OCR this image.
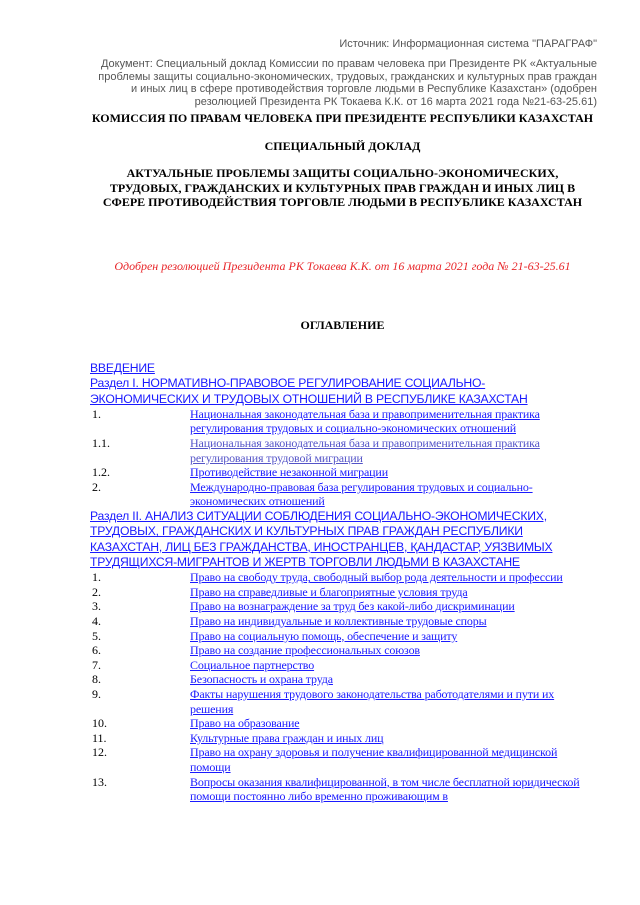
Источник: Информационная система "ПАРАГРАФ"
Документ: Специальный доклад Комиссии по правам человека при Президенте РК «Актуальные проблемы защиты социально-экономических, трудовых, гражданских и культурных прав граждан и иных лиц в сфере противодействия торговле людьми в Республике Казахстан» (одобрен резолюцией Президента РК Токаева К.К. от 16 марта 2021 года №21-63-25.61)

КОМИССИЯ ПО ПРАВАМ ЧЕЛОВЕКА ПРИ ПРЕЗИДЕНТЕ РЕСПУБЛИКИ КАЗАХСТАН

СПЕЦИАЛЬНЫЙ ДОКЛАД

АКТУАЛЬНЫЕ ПРОБЛЕМЫ ЗАЩИТЫ СОЦИАЛЬНО-ЭКОНОМИЧЕСКИХ, ТРУДОВЫХ, ГРАЖДАНСКИХ И КУЛЬТУРНЫХ ПРАВ ГРАЖДАН И ИНЫХ ЛИЦ В СФЕРЕ ПРОТИВОДЕЙСТВИЯ ТОРГОВЛЕ ЛЮДЬМИ В РЕСПУБЛИКЕ КАЗАХСТАН

Одобрен резолюцией Президента РК Токаева К.К. от 16 марта 2021 года № 21-63-25.61
ОГЛАВЛЕНИЕ
ВВЕДЕНИЕ
Раздел I. НОРМАТИВНО-ПРАВОВОЕ РЕГУЛИРОВАНИЕ СОЦИАЛЬНО-ЭКОНОМИЧЕСКИХ И ТРУДОВЫХ ОТНОШЕНИЙ В РЕСПУБЛИКЕ КАЗАХСТАН
1.	Национальная законодательная база и правоприменительная практика регулирования трудовых и социально-экономических отношений
1.1.	Национальная законодательная база и правоприменительная практика регулирования трудовой миграции
1.2.	Противодействие незаконной миграции
2.	Международно-правовая база регулирования трудовых и социально-экономических отношений
Раздел II. АНАЛИЗ СИТУАЦИИ СОБЛЮДЕНИЯ СОЦИАЛЬНО-ЭКОНОМИЧЕСКИХ, ТРУДОВЫХ, ГРАЖДАНСКИХ И КУЛЬТУРНЫХ ПРАВ ГРАЖДАН РЕСПУБЛИКИ КАЗАХСТАН, ЛИЦ БЕЗ ГРАЖДАНСТВА, ИНОСТРАНЦЕВ, ҚАНДАСТАР, УЯЗВИМЫХ ТРУДЯЩИХСЯ-МИГРАНТОВ И ЖЕРТВ ТОРГОВЛИ ЛЮДЬМИ В КАЗАХСТАНЕ
1.	Право на свободу труда, свободный выбор рода деятельности и профессии
2.	Право на справедливые и благоприятные условия труда
3.	Право на вознаграждение за труд без какой-либо дискриминации
4.	Право на индивидуальные и коллективные трудовые споры
5.	Право на социальную помощь, обеспечение и защиту
6.	Право на создание профессиональных союзов
7.	Социальное партнерство
8.	Безопасность и охрана труда
9.	Факты нарушения трудового законодательства работодателями и пути их решения
10.	Право на образование
11.	Культурные права граждан и иных лиц
12.	Право на охрану здоровья и получение квалифицированной медицинской помощи
13.	Вопросы оказания квалифицированной, в том числе бесплатной юридической помощи постоянно либо временно проживающим в
